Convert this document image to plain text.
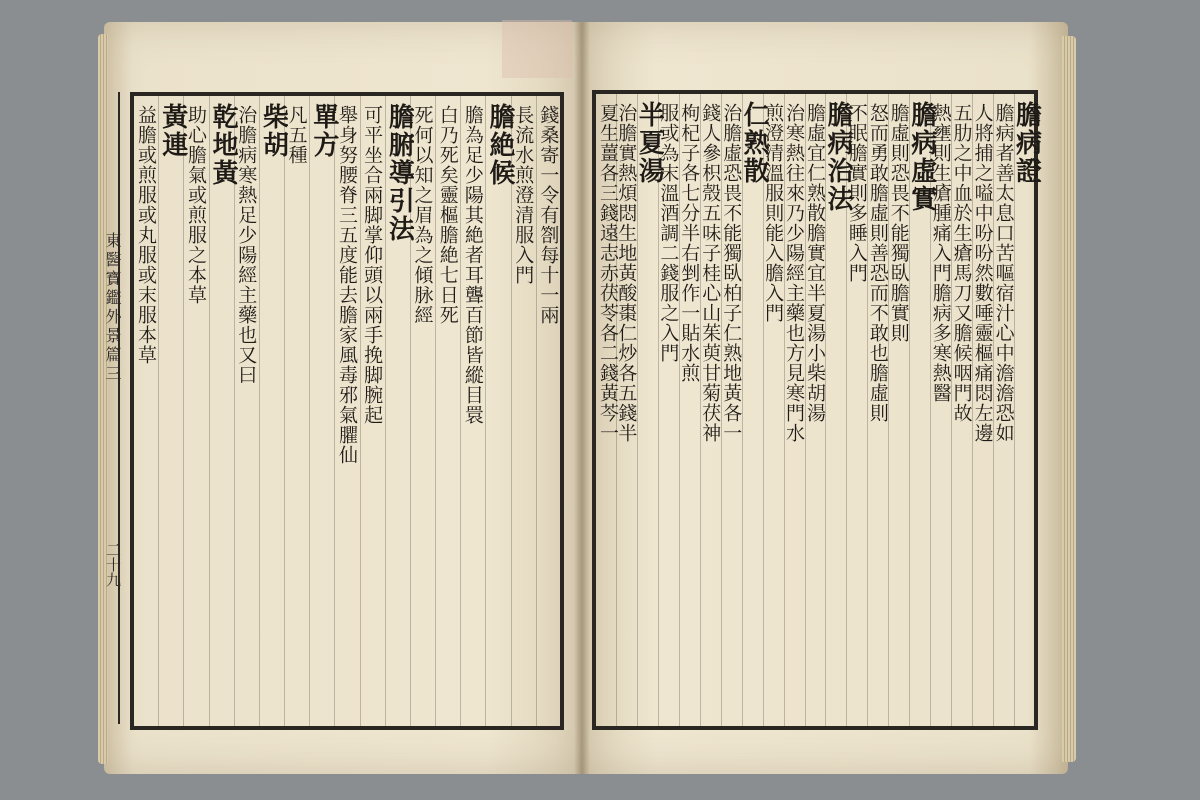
東醫寶鑑外景篇三
二十九
錢桑寄一令有劄每十一兩
長流水煎澄清服入門
膽絶候
膽為足少陽其絶者耳聾百節皆縱目睘
白乃死矣靈樞膽絶七日死
死何以知之眉為之傾脉經
膽腑導引法
可平坐合兩脚掌仰頭以兩手挽脚腕起
舉身努腰脊三五度能去膽家風毒邪氣臞仙
單方
凡五種
柴胡
治膽病寒熱足少陽經主藥也又曰
乾地黃
助心膽氣或煎服之本草
黃連
益膽或煎服或丸服或末服本草	膽病證
膽病者善太息口苦嘔宿汁心中澹澹恐如
人將捕之嗌中吩吩然數唾靈樞痛悶左邊
五肋之中血於生瘡馬刀又膽候咽門故
熱壅則生瘡腫痛入門膽病多寒熱醫
膽病虛實
膽虛則恐畏不能獨臥膽實則
怒而勇敢膽虛則善恐而不敢也膽虛則
不眠膽實則多睡入門
膽病治法
膽虛宜仁熟散膽實宜半夏湯小柴胡湯
治寒熱往來乃少陽經主藥也方見寒門水
煎澄清溫服則能入膽入門
仁熟散
治膽虛恐畏不能獨臥柏子仁熟地黃各一
錢人參枳殼五味子桂心山茱萸甘菊茯神
枸杞子各七分半右剉作一貼水煎
服或為末溫酒調二錢服之入門
半夏湯
治膽實熱煩悶生地黃酸棗仁炒各五錢半
夏生薑各三錢遠志赤茯苓各二錢黃芩一
